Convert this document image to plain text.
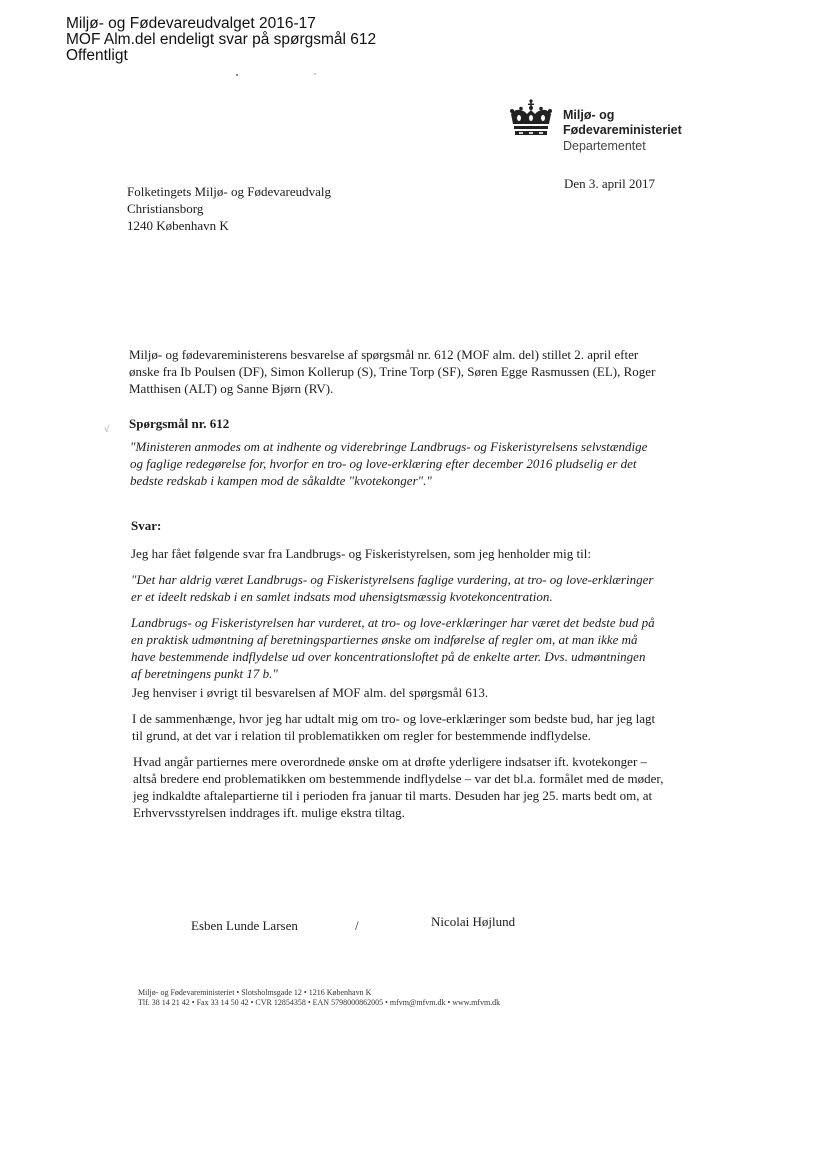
Miljø- og Fødevareudvalget 2016-17
MOF Alm.del endeligt svar på spørgsmål 612
Offentligt
Miljø- og
Fødevareministeriet
Departementet
Den 3. april 2017
Folketingets Miljø- og Fødevareudvalg
Christiansborg
1240 København K
Miljø- og fødevareministerens besvarelse af spørgsmål nr. 612 (MOF alm. del) stillet 2. april efter
ønske fra Ib Poulsen (DF), Simon Kollerup (S), Trine Torp (SF), Søren Egge Rasmussen (EL), Roger
Matthisen (ALT) og Sanne Bjørn (RV).
√ Spørgsmål nr. 612
"Ministeren anmodes om at indhente og viderebringe Landbrugs- og Fiskeristyrelsens selvstændige
og faglige redegørelse for, hvorfor en tro- og love-erklæring efter december 2016 pludselig er det
bedste redskab i kampen mod de såkaldte "kvotekonger"."
Svar:
Jeg har fået følgende svar fra Landbrugs- og Fiskeristyrelsen, som jeg henholder mig til:
"Det har aldrig været Landbrugs- og Fiskeristyrelsens faglige vurdering, at tro- og love-erklæringer
er et ideelt redskab i en samlet indsats mod uhensigtsmæssig kvotekoncentration.
Landbrugs- og Fiskeristyrelsen har vurderet, at tro- og love-erklæringer har været det bedste bud på
en praktisk udmøntning af beretningspartiernes ønske om indførelse af regler om, at man ikke må
have bestemmende indflydelse ud over koncentrationsloftet på de enkelte arter. Dvs. udmøntningen
af beretningens punkt 17 b."
Jeg henviser i øvrigt til besvarelsen af MOF alm. del spørgsmål 613.
I de sammenhænge, hvor jeg har udtalt mig om tro- og love-erklæringer som bedste bud, har jeg lagt
til grund, at det var i relation til problematikken om regler for bestemmende indflydelse.
Hvad angår partiernes mere overordnede ønske om at drøfte yderligere indsatser ift. kvotekonger –
altså bredere end problematikken om bestemmende indflydelse – var det bl.a. formålet med de møder,
jeg indkaldte aftalepartierne til i perioden fra januar til marts. Desuden har jeg 25. marts bedt om, at
Erhvervsstyrelsen inddrages ift. mulige ekstra tiltag.
Esben Lunde Larsen	/	Nicolai Højlund
Miljø- og Fødevareministeriet • Slotsholmsgade 12 • 1216 København K
Tlf. 38 14 21 42 • Fax 33 14 50 42 • CVR 12854358 • EAN 5798000862005 • mfvm@mfvm.dk • www.mfvm.dk
